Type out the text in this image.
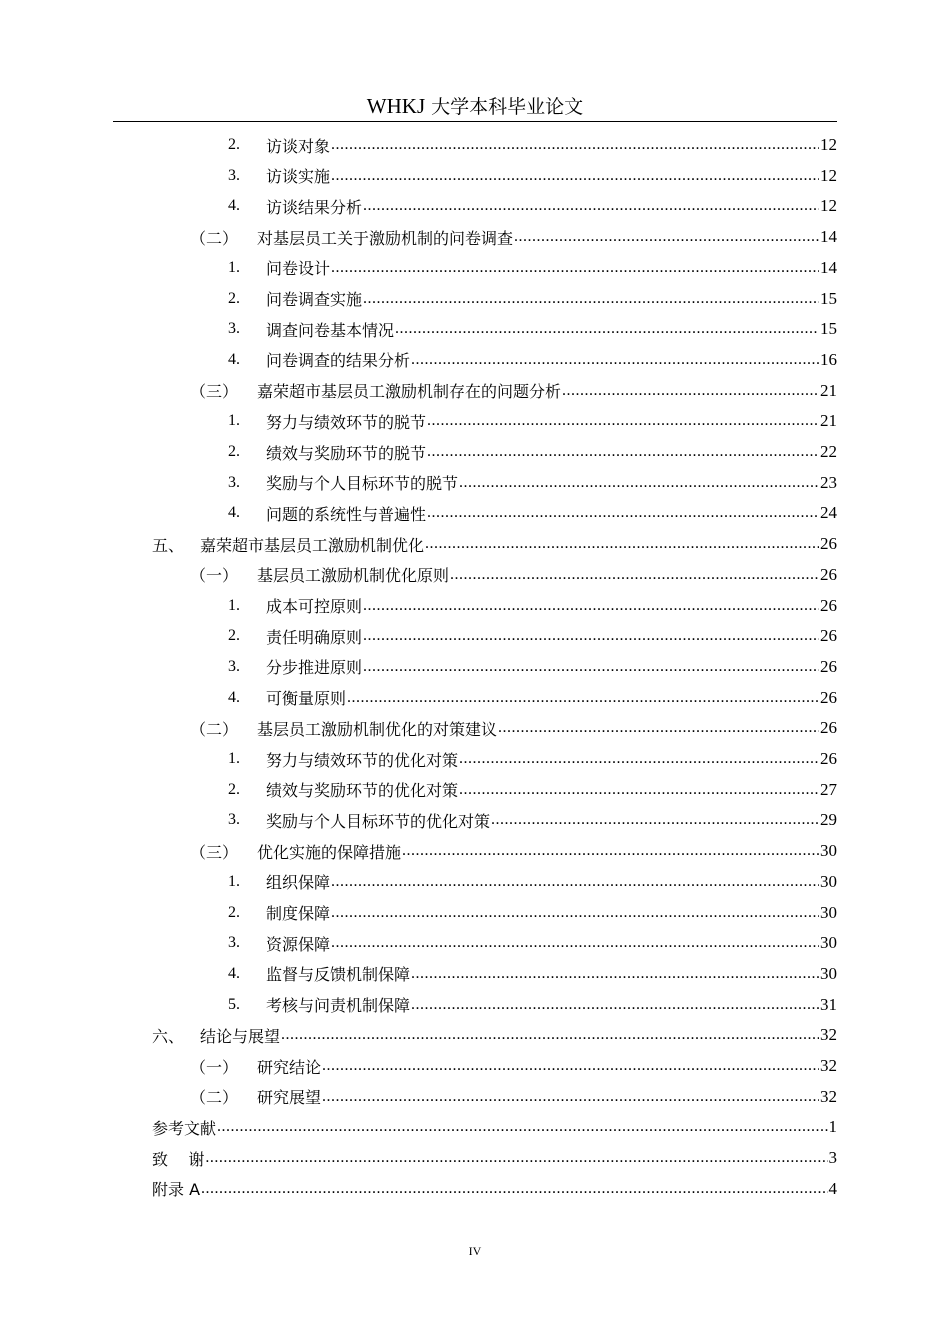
WHKJ 大学本科毕业论文
2.	访谈对象 .....	12
3.	访谈实施 .....	12
4.	访谈结果分析 .....	12
（二）	对基层员工关于激励机制的问卷调查 .....	14
1.	问卷设计 .....	14
2.	问卷调查实施 .....	15
3.	调查问卷基本情况 .....	15
4.	问卷调查的结果分析 .....	16
（三）	嘉荣超市基层员工激励机制存在的问题分析 .....	21
1.	努力与绩效环节的脱节 .....	21
2.	绩效与奖励环节的脱节 .....	22
3.	奖励与个人目标环节的脱节 .....	23
4.	问题的系统性与普遍性 .....	24
五、 嘉荣超市基层员工激励机制优化 .....	26
（一）	基层员工激励机制优化原则 .....	26
1.	成本可控原则 .....	26
2.	责任明确原则 .....	26
3.	分步推进原则 .....	26
4.	可衡量原则 .....	26
（二）	基层员工激励机制优化的对策建议 .....	26
1.	努力与绩效环节的优化对策 .....	26
2.	绩效与奖励环节的优化对策 .....	27
3.	奖励与个人目标环节的优化对策 .....	29
（三）	优化实施的保障措施 .....	30
1.	组织保障 .....	30
2.	制度保障 .....	30
3.	资源保障 .....	30
4.	监督与反馈机制保障 .....	30
5.	考核与问责机制保障 .....	31
六、 结论与展望 .....	32
（一）	研究结论 .....	32
（二）	研究展望 .....	32
参考文献 .....	1
致    谢 .....	3
附录 A .....	4
IV
